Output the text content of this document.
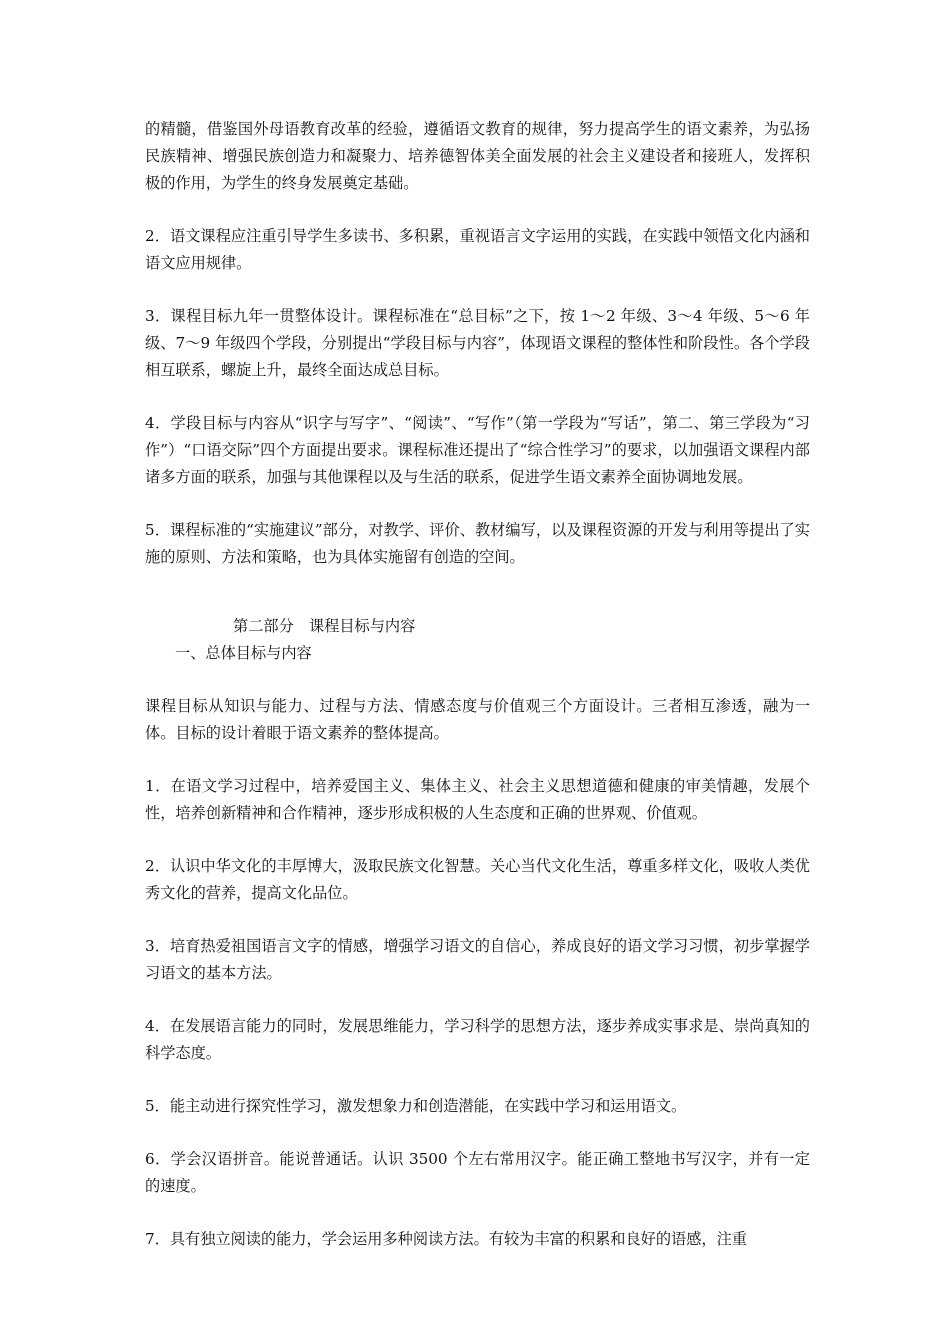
的精髓，借鉴国外母语教育改革的经验，遵循语文教育的规律，努力提高学生的语文素养，为弘扬民族精神、增强民族创造力和凝聚力、培养德智体美全面发展的社会主义建设者和接班人，发挥积极的作用，为学生的终身发展奠定基础。

2．语文课程应注重引导学生多读书、多积累，重视语言文字运用的实践，在实践中领悟文化内涵和语文应用规律。

3．课程目标九年一贯整体设计。课程标准在“总目标”之下，按 1～2 年级、3～4 年级、5～6 年级、7～9 年级四个学段，分别提出“学段目标与内容”，体现语文课程的整体性和阶段性。各个学段相互联系，螺旋上升，最终全面达成总目标。

4．学段目标与内容从“识字与写字”、“阅读”、“写作”（第一学段为“写话”，第二、第三学段为“习作”）“口语交际”四个方面提出要求。课程标准还提出了“综合性学习”的要求，以加强语文课程内部诸多方面的联系，加强与其他课程以及与生活的联系，促进学生语文素养全面协调地发展。

5．课程标准的“实施建议”部分，对教学、评价、教材编写，以及课程资源的开发与利用等提出了实施的原则、方法和策略，也为具体实施留有创造的空间。

第二部分　课程目标与内容
一、总体目标与内容

课程目标从知识与能力、过程与方法、情感态度与价值观三个方面设计。三者相互渗透，融为一体。目标的设计着眼于语文素养的整体提高。

1．在语文学习过程中，培养爱国主义、集体主义、社会主义思想道德和健康的审美情趣，发展个性，培养创新精神和合作精神，逐步形成积极的人生态度和正确的世界观、价值观。

2．认识中华文化的丰厚博大，汲取民族文化智慧。关心当代文化生活，尊重多样文化，吸收人类优秀文化的营养，提高文化品位。

3．培育热爱祖国语言文字的情感，增强学习语文的自信心，养成良好的语文学习习惯，初步掌握学习语文的基本方法。

4．在发展语言能力的同时，发展思维能力，学习科学的思想方法，逐步养成实事求是、崇尚真知的科学态度。

5．能主动进行探究性学习，激发想象力和创造潜能，在实践中学习和运用语文。

6．学会汉语拼音。能说普通话。认识 3500 个左右常用汉字。能正确工整地书写汉字，并有一定的速度。

7．具有独立阅读的能力，学会运用多种阅读方法。有较为丰富的积累和良好的语感，注重
